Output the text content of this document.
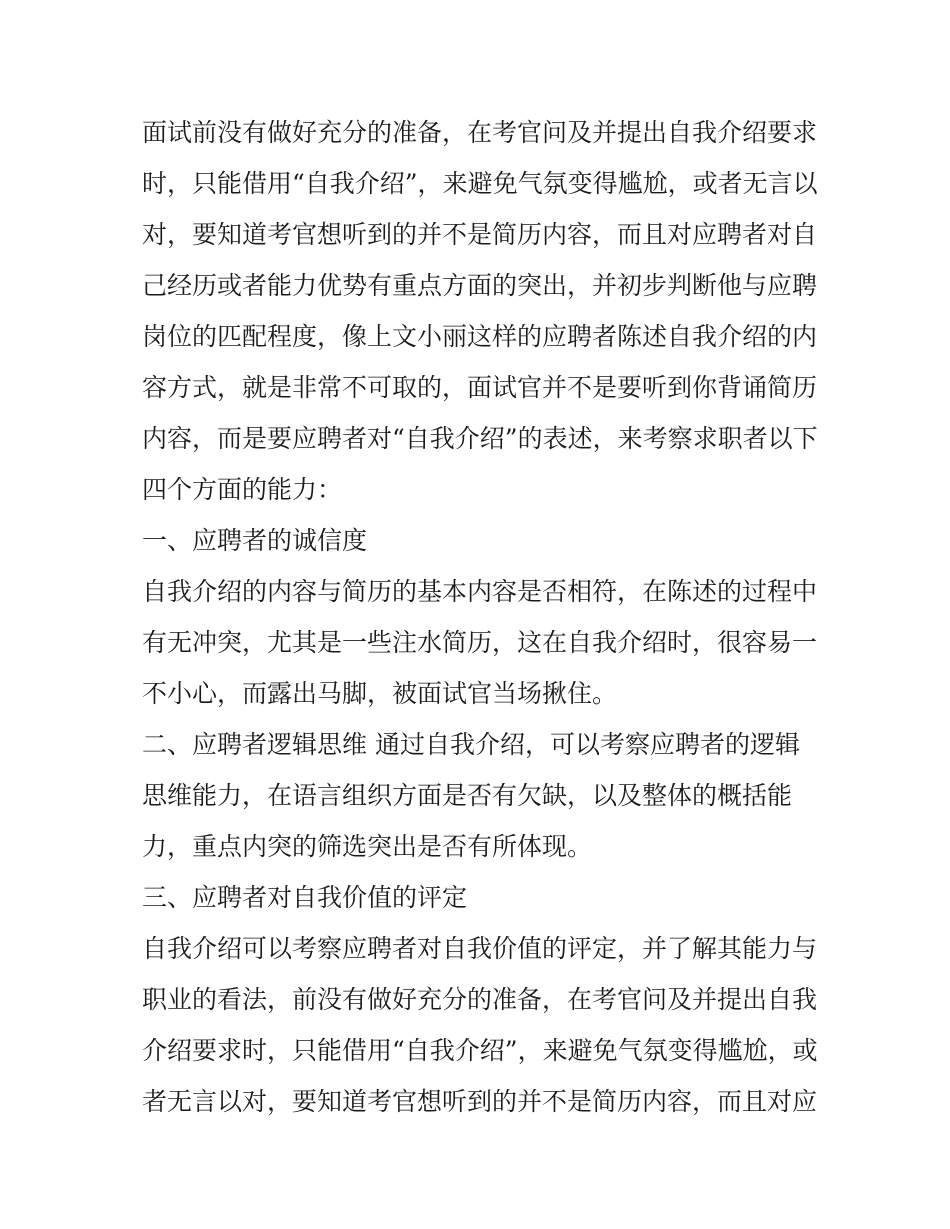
面试前没有做好充分的准备，在考官问及并提出自我介绍要求

时，只能借用“自我介绍”，来避免气氛变得尴尬，或者无言以

对，要知道考官想听到的并不是简历内容，而且对应聘者对自

己经历或者能力优势有重点方面的突出，并初步判断他与应聘

岗位的匹配程度，像上文小丽这样的应聘者陈述自我介绍的内

容方式，就是非常不可取的，面试官并不是要听到你背诵简历

内容，而是要应聘者对“自我介绍”的表述，来考察求职者以下

四个方面的能力：

一、应聘者的诚信度

自我介绍的内容与简历的基本内容是否相符，在陈述的过程中

有无冲突，尤其是一些注水简历，这在自我介绍时，很容易一

不小心，而露出马脚，被面试官当场揪住。

二、应聘者逻辑思维 通过自我介绍，可以考察应聘者的逻辑

思维能力，在语言组织方面是否有欠缺，以及整体的概括能

力，重点内突的筛选突出是否有所体现。

三、应聘者对自我价值的评定

自我介绍可以考察应聘者对自我价值的评定，并了解其能力与

职业的看法，前没有做好充分的准备，在考官问及并提出自我

介绍要求时，只能借用“自我介绍”，来避免气氛变得尴尬，或

者无言以对，要知道考官想听到的并不是简历内容，而且对应
